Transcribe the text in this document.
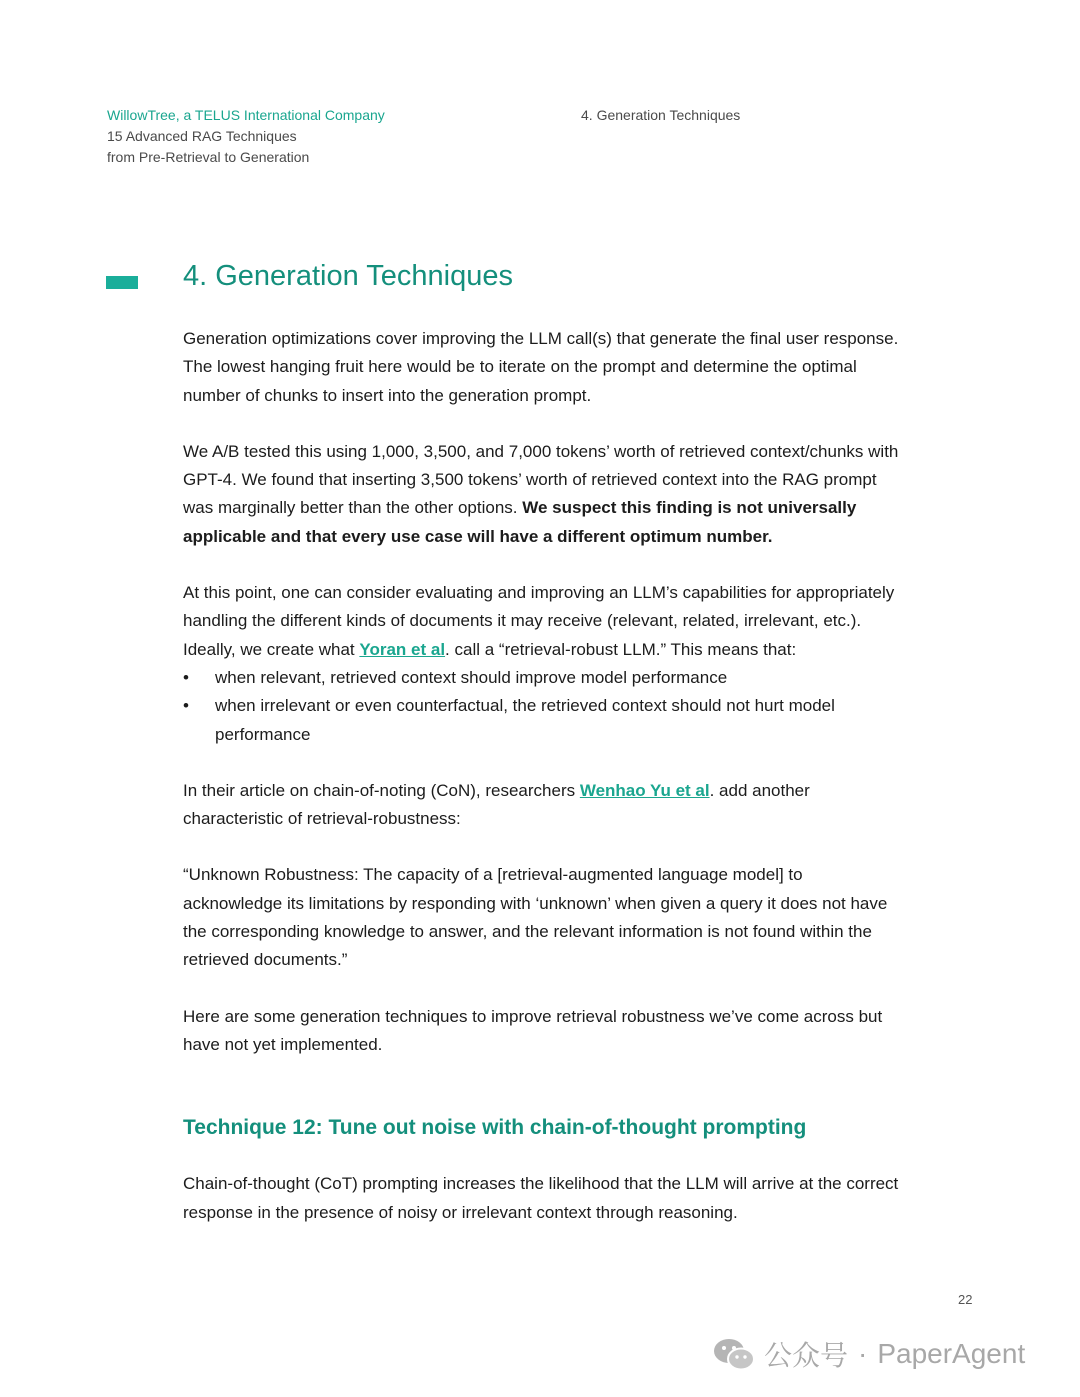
WillowTree, a TELUS International Company
15 Advanced RAG Techniques
from Pre-Retrieval to Generation
4. Generation Techniques
4. Generation Techniques

Generation optimizations cover improving the LLM call(s) that generate the final user response. The lowest hanging fruit here would be to iterate on the prompt and determine the optimal number of chunks to insert into the generation prompt.

We A/B tested this using 1,000, 3,500, and 7,000 tokens’ worth of retrieved context/chunks with GPT-4. We found that inserting 3,500 tokens’ worth of retrieved context into the RAG prompt was marginally better than the other options. We suspect this finding is not universally applicable and that every use case will have a different optimum number.

At this point, one can consider evaluating and improving an LLM’s capabilities for appropriately handling the different kinds of documents it may receive (relevant, related, irrelevant, etc.). Ideally, we create what Yoran et al. call a “retrieval-robust LLM.” This means that:

• when relevant, retrieved context should improve model performance
• when irrelevant or even counterfactual, the retrieved context should not hurt model performance

In their article on chain-of-noting (CoN), researchers Wenhao Yu et al. add another characteristic of retrieval-robustness:

“Unknown Robustness: The capacity of a [retrieval-augmented language model] to acknowledge its limitations by responding with ‘unknown’ when given a query it does not have the corresponding knowledge to answer, and the relevant information is not found within the retrieved documents.”

Here are some generation techniques to improve retrieval robustness we’ve come across but have not yet implemented.

Technique 12: Tune out noise with chain-of-thought prompting

Chain-of-thought (CoT) prompting increases the likelihood that the LLM will arrive at the correct response in the presence of noisy or irrelevant context through reasoning.

22
公众号 · PaperAgent
